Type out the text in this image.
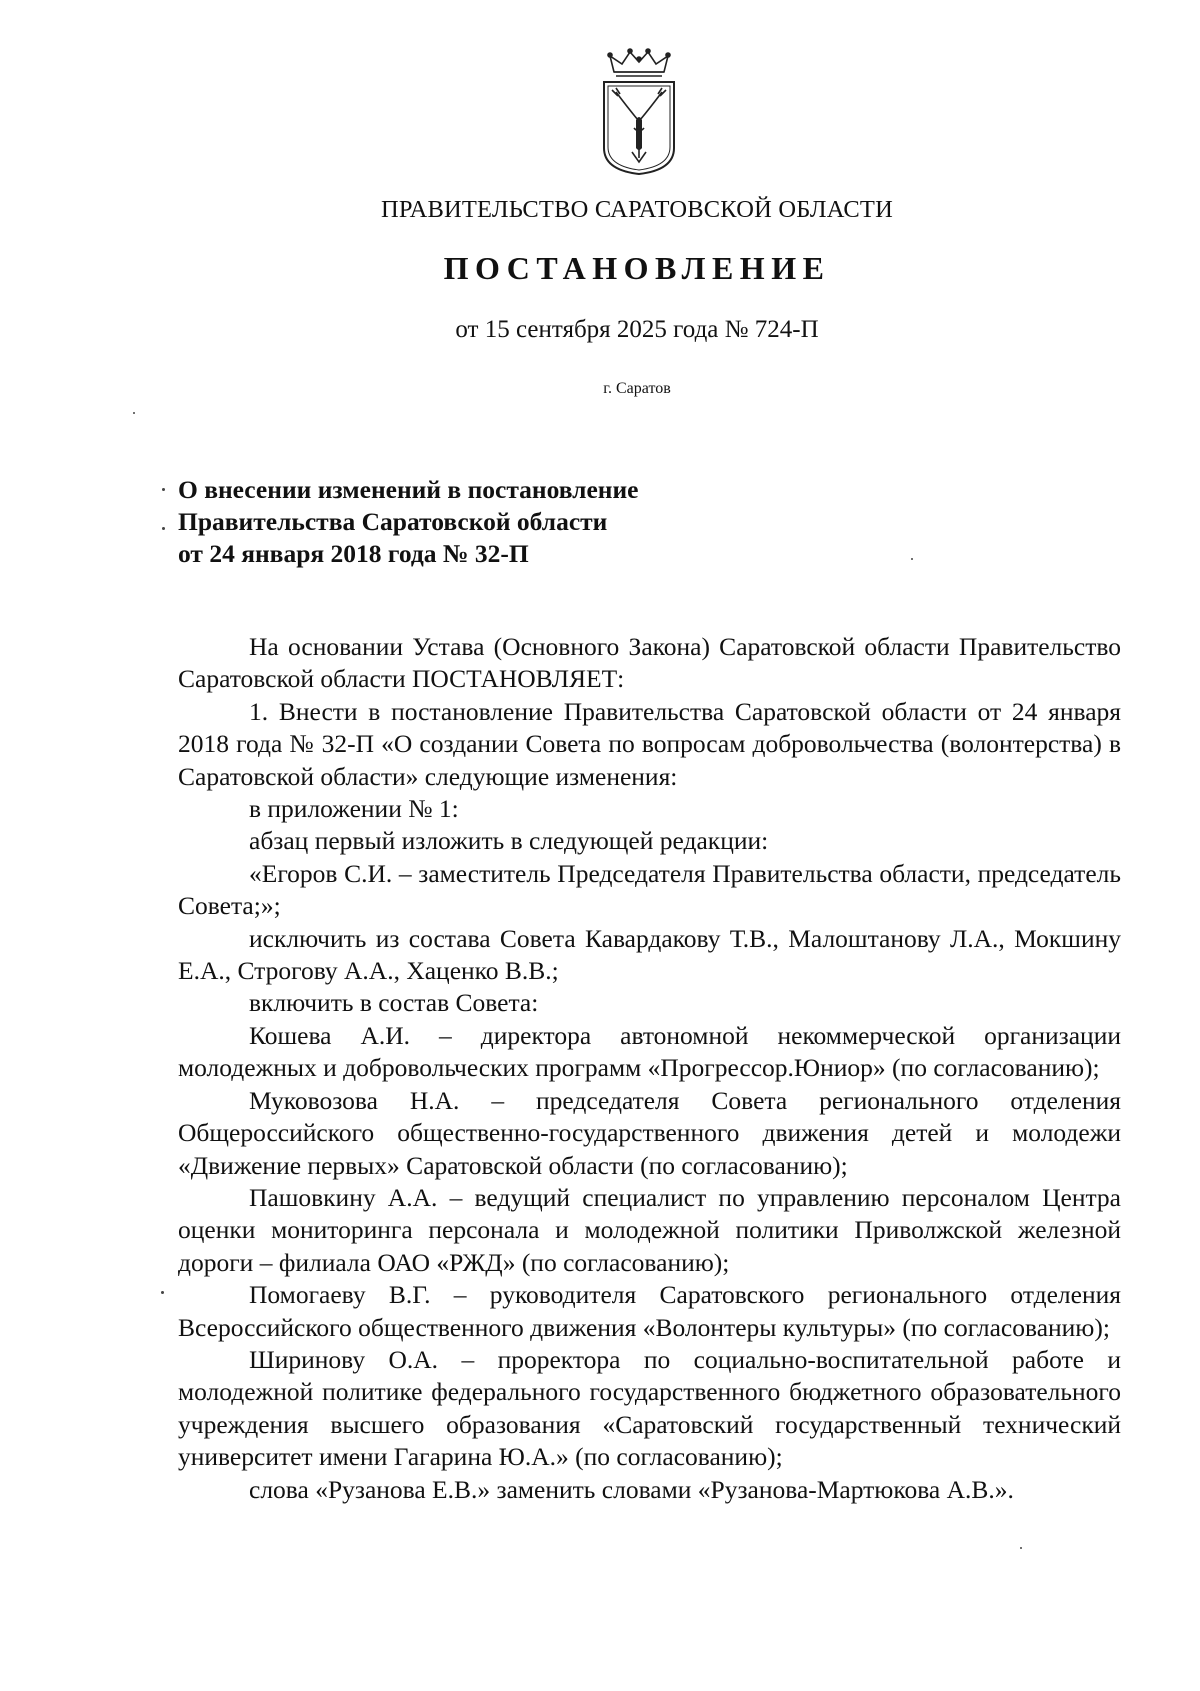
ПРАВИТЕЛЬСТВО САРАТОВСКОЙ ОБЛАСТИ
ПОСТАНОВЛЕНИЕ
от 15 сентября 2025 года № 724-П
г. Саратов
О внесении изменений в постановление
Правительства Саратовской области
от 24 января 2018 года № 32-П

На основании Устава (Основного Закона) Саратовской области Правительство Саратовской области ПОСТАНОВЛЯЕТ:

1. Внести в постановление Правительства Саратовской области от 24 января 2018 года № 32-П «О создании Совета по вопросам добровольчества (волонтерства) в Саратовской области» следующие изменения:

в приложении № 1:

абзац первый изложить в следующей редакции:

«Егоров С.И. – заместитель Председателя Правительства области, председатель Совета;»;

исключить из состава Совета Кавардакову Т.В., Малоштанову Л.А., Мокшину Е.А., Строгову А.А., Хаценко В.В.;

включить в состав Совета:

Кошева А.И. – директора автономной некоммерческой организации молодежных и добровольческих программ «Прогрессор.Юниор» (по согласованию);

Муковозова Н.А. – председателя Совета регионального отделения Общероссийского общественно-государственного движения детей и молодежи «Движение первых» Саратовской области (по согласованию);

Пашовкину А.А. – ведущий специалист по управлению персоналом Центра оценки мониторинга персонала и молодежной политики Приволжской железной дороги – филиала ОАО «РЖД» (по согласованию);

Помогаеву В.Г. – руководителя Саратовского регионального отделения Всероссийского общественного движения «Волонтеры культуры» (по согласованию);

Ширинову О.А. – проректора по социально-воспитательной работе и молодежной политике федерального государственного бюджетного образовательного учреждения высшего образования «Саратовский государственный технический университет имени Гагарина Ю.А.» (по согласованию);

слова «Рузанова Е.В.» заменить словами «Рузанова-Мартюкова А.В.».
